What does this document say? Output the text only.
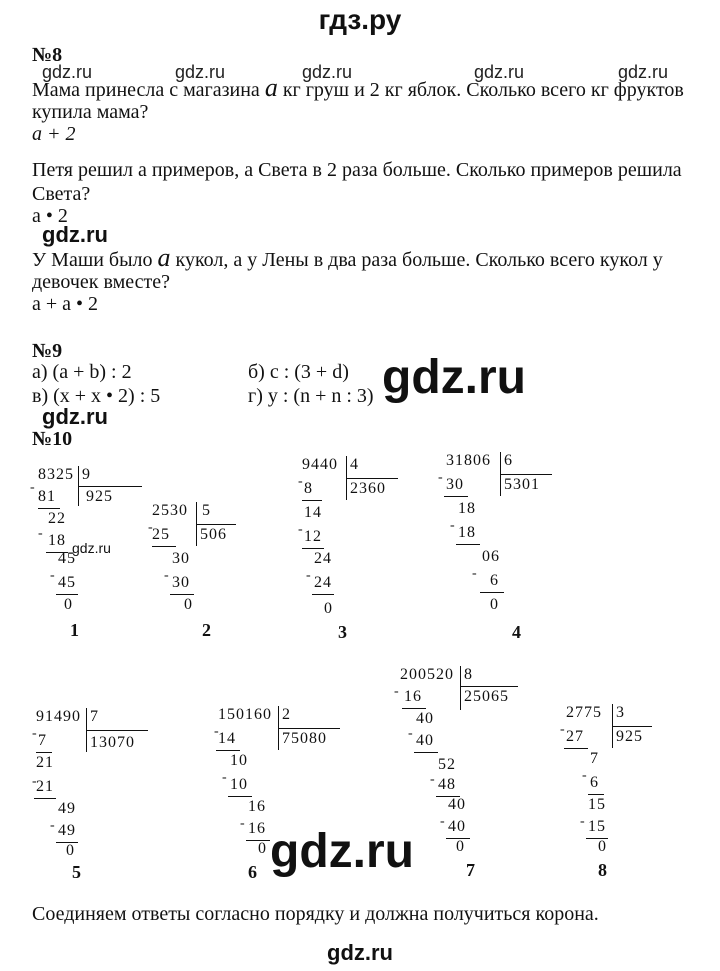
гдз.ру
gdz.ru	gdz.ru	gdz.ru	gdz.ru	gdz.ru
№8
Мама принесла с магазина a кг груш и 2 кг яблок. Сколько всего кг фруктов
купила мама?
a + 2
Петя решил a примеров, а Света в 2 раза больше. Сколько примеров решила
Света?
a • 2
gdz.ru
У Маши было a кукол, а у Лены в два раза больше. Сколько всего кукол у
девочек вместе?
a + a • 2
№9
а) (a + b) : 2	б) c : (3 + d)
в) (x + x • 2) : 5	г) y : (n + n : 3) gdz.ru
gdz.ru
№10
8325 9
925
-
81
22
- 18
45
- 45
0
1
gdz.ru
2530 5
506
-
25
30
- 30
0
2
9440 4
2360
- 8
14
- 12
24
- 24
0
3
31806 6
5301
- 30
18
- 18
06
- 6
0
4
91490 7
13070
- 7
21
-
21
49
- 49
0
5
150160 2
75080
-
14
10
- 10
16
- 16
0
6
200520 8
25065
- 16
40
- 40
52
- 48
40
- 40
0
7
2775 3
925
- 27
7
- 6
15
- 15
0
8
gdz.ru
Соединяем ответы согласно порядку и должна получиться корона.
gdz.ru
